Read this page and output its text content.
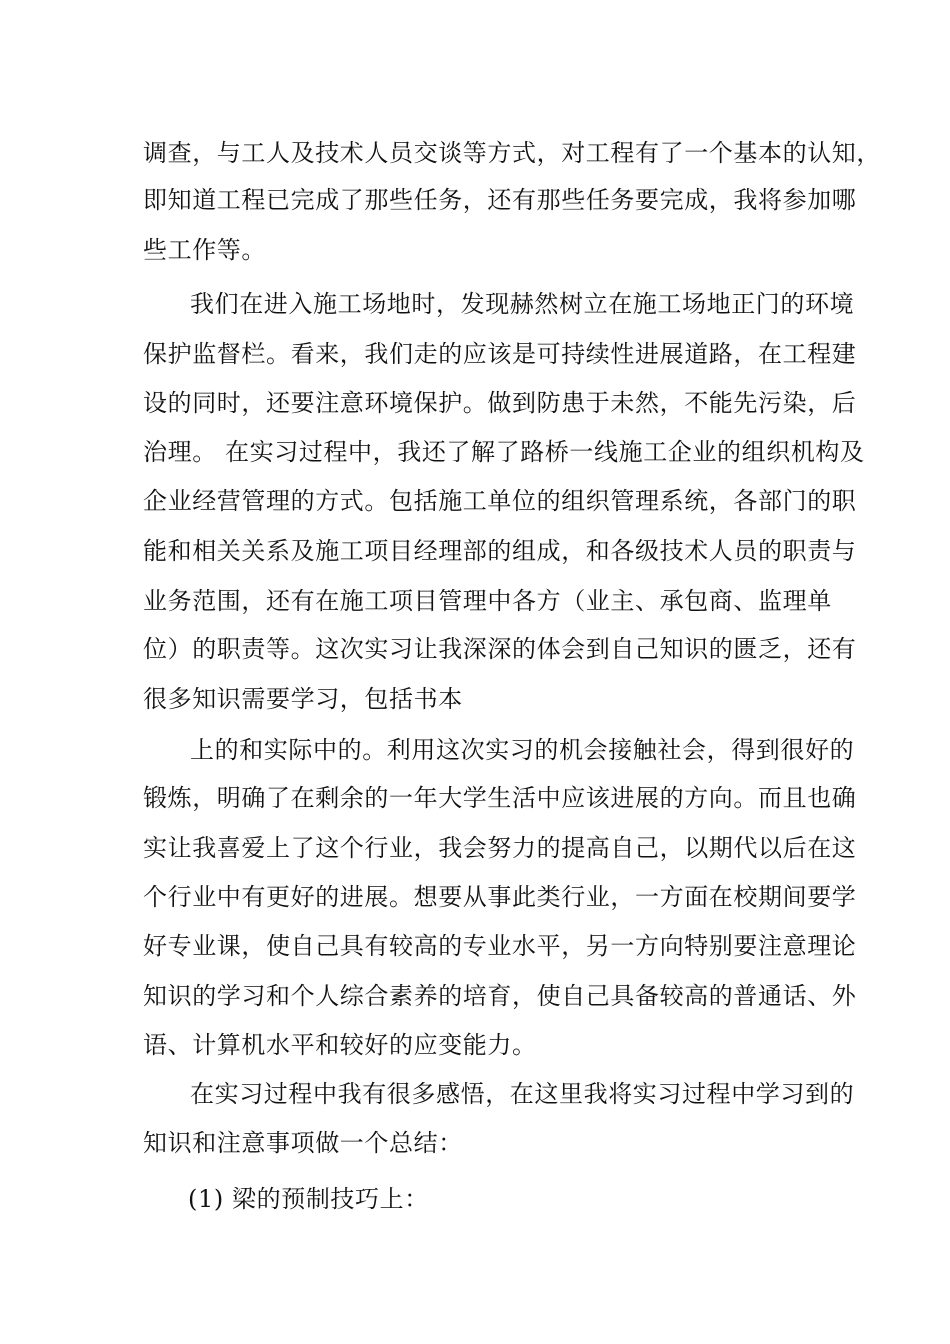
调查，与工人及技术人员交谈等方式，对工程有了一个基本的认知，
即知道工程已完成了那些任务，还有那些任务要完成，我将参加哪
些工作等。
我们在进入施工场地时，发现赫然树立在施工场地正门的环境
保护监督栏。看来，我们走的应该是可持续性进展道路，在工程建
设的同时，还要注意环境保护。做到防患于未然，不能先污染，后
治理。 在实习过程中，我还了解了路桥一线施工企业的组织机构及
企业经营管理的方式。包括施工单位的组织管理系统，各部门的职
能和相关关系及施工项目经理部的组成，和各级技术人员的职责与
业务范围，还有在施工项目管理中各方（业主、承包商、监理单
位）的职责等。这次实习让我深深的体会到自己知识的匮乏，还有
很多知识需要学习，包括书本
上的和实际中的。利用这次实习的机会接触社会，得到很好的
锻炼，明确了在剩余的一年大学生活中应该进展的方向。而且也确
实让我喜爱上了这个行业，我会努力的提高自己，以期代以后在这
个行业中有更好的进展。想要从事此类行业，一方面在校期间要学
好专业课，使自己具有较高的专业水平，另一方向特别要注意理论
知识的学习和个人综合素养的培育，使自己具备较高的普通话、外
语、计算机水平和较好的应变能力。
在实习过程中我有很多感悟，在这里我将实习过程中学习到的
知识和注意事项做一个总结：
(1) 梁的预制技巧上：
